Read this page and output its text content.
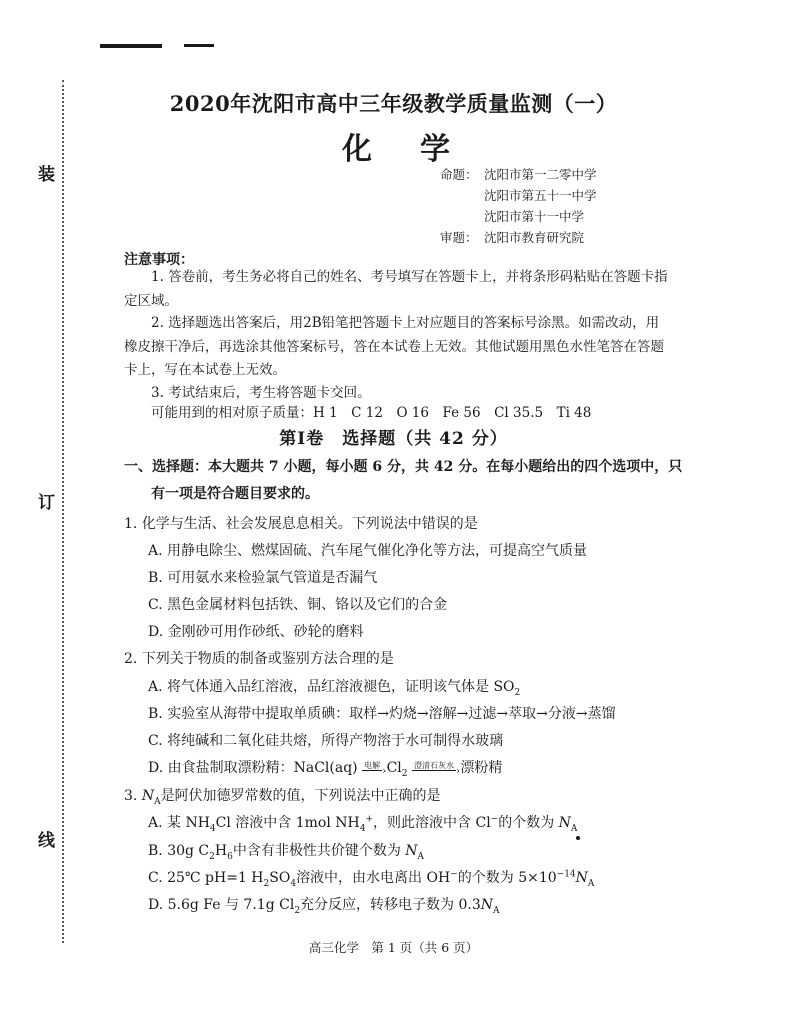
装
订
线
2020年沈阳市高中三年级教学质量监测（一）
化学
命题： 沈阳市第一二零中学
沈阳市第五十一中学
沈阳市第十一中学
审题： 沈阳市教育研究院
注意事项：
1. 答卷前，考生务必将自己的姓名、考号填写在答题卡上，并将条形码粘贴在答题卡指定区域。
2. 选择题选出答案后，用2B铅笔把答题卡上对应题目的答案标号涂黑。如需改动，用橡皮擦干净后，再选涂其他答案标号，答在本试卷上无效。其他试题用黑色水性笔答在答题卡上，写在本试卷上无效。
3. 考试结束后，考生将答题卡交回。
可能用到的相对原子质量：H 1　C 12　O 16　Fe 56　Cl 35.5　Ti 48
第Ⅰ卷　选择题（共 42 分）
一、选择题：本大题共 7 小题，每小题 6 分，共 42 分。在每小题给出的四个选项中，只
有一项是符合题目要求的。
1. 化学与生活、社会发展息息相关。下列说法中错误的是
A. 用静电除尘、燃煤固硫、汽车尾气催化净化等方法，可提高空气质量
B. 可用氨水来检验氯气管道是否漏气
C. 黑色金属材料包括铁、铜、铬以及它们的合金
D. 金刚砂可用作砂纸、砂轮的磨料
2. 下列关于物质的制备或鉴别方法合理的是
A. 将气体通入品红溶液，品红溶液褪色，证明该气体是 $SO_2$
B. 实验室从海带中提取单质碘：取样→灼烧→溶解→过滤→萃取→分液→蒸馏
C. 将纯碱和二氧化硅共熔，所得产物溶于水可制得水玻璃
D. 由食盐制取漂粉精：NaCl(aq) 电解 › $Cl_2$ 澄清石灰水 › 漂粉精
3. $N_A$是阿伏加德罗常数的值，下列说法中正确的是
A. 某 $NH_4Cl$ 溶液中含 1mol $NH_4^+$，则此溶液中含 Cl−的个数为 $N_A$
B. 30g $C_2H_6$中含有非极性共价键个数为 $N_A$
C. 25℃ pH=1 $H_2SO_4$溶液中，由水电离出 OH−的个数为 $5\times 10^{-14}N_A$
D. 5.6g Fe 与 7.1g $Cl_2$充分反应，转移电子数为 $0.3N_A$
高三化学　第 1 页（共 6 页）
